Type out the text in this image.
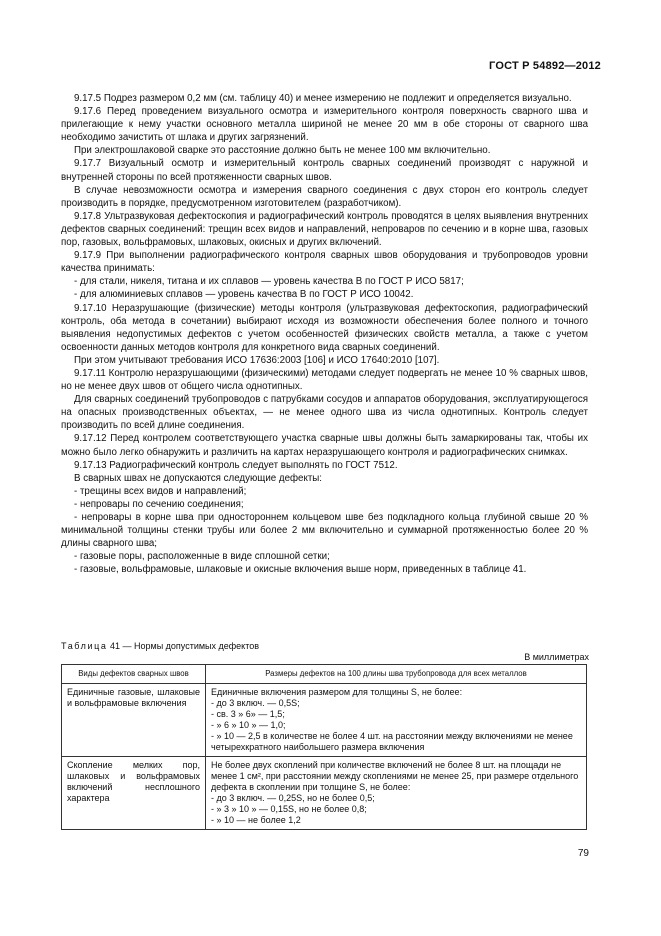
ГОСТ Р 54892—2012

9.17.5 Подрез размером 0,2 мм (см. таблицу 40) и менее измерению не подлежит и определяется визуально.

9.17.6 Перед проведением визуального осмотра и измерительного контроля поверхность сварного шва и прилегающие к нему участки основного металла шириной не менее 20 мм в обе стороны от сварного шва необходимо зачистить от шлака и других загрязнений.

При электрошлаковой сварке это расстояние должно быть не менее 100 мм включительно.

9.17.7 Визуальный осмотр и измерительный контроль сварных соединений производят с наружной и внутренней стороны по всей протяженности сварных швов.

В случае невозможности осмотра и измерения сварного соединения с двух сторон его контроль следует производить в порядке, предусмотренном изготовителем (разработчиком).

9.17.8 Ультразвуковая дефектоскопия и радиографический контроль проводятся в целях выявления внутренних дефектов сварных соединений: трещин всех видов и направлений, непроваров по сечению и в корне шва, газовых пор, газовых, вольфрамовых, шлаковых, окисных и других включений.

9.17.9 При выполнении радиографического контроля сварных швов оборудования и трубопроводов уровни качества принимать:

- для стали, никеля, титана и их сплавов — уровень качества В по ГОСТ Р ИСО 5817;

- для алюминиевых сплавов — уровень качества В по ГОСТ Р ИСО 10042.

9.17.10 Неразрушающие (физические) методы контроля (ультразвуковая дефектоскопия, радиографический контроль, оба метода в сочетании) выбирают исходя из возможности обеспечения более полного и точного выявления недопустимых дефектов с учетом особенностей физических свойств металла, а также с учетом освоенности данных методов контроля для конкретного вида сварных соединений.

При этом учитывают требования ИСО 17636:2003 [106] и ИСО 17640:2010 [107].

9.17.11 Контролю неразрушающими (физическими) методами следует подвергать не менее 10 % сварных швов, но не менее двух швов от общего числа однотипных.

Для сварных соединений трубопроводов с патрубками сосудов и аппаратов оборудования, эксплуатирующегося на опасных производственных объектах, — не менее одного шва из числа однотипных. Контроль следует производить по всей длине соединения.

9.17.12 Перед контролем соответствующего участка сварные швы должны быть замаркированы так, чтобы их можно было легко обнаружить и различить на картах неразрушающего контроля и радиографических снимках.

9.17.13 Радиографический контроль следует выполнять по ГОСТ 7512.

В сварных швах не допускаются следующие дефекты:

- трещины всех видов и направлений;

- непровары по сечению соединения;

- непровары в корне шва при одностороннем кольцевом шве без подкладного кольца глубиной свыше 20 % минимальной толщины стенки трубы или более 2 мм включительно и суммарной протяженностью более 20 % длины сварного шва;

- газовые поры, расположенные в виде сплошной сетки;

- газовые, вольфрамовые, шлаковые и окисные включения выше норм, приведенных в таблице 41.

Таблица 41 — Нормы допустимых дефектов
В миллиметрах
Виды дефектов сварных швов	Размеры дефектов на 100 длины шва трубопровода для всех металлов
Единичные газовые, шлаковые и вольфрамовые включения	Единичные включения размером для толщины S, не более:
- до 3 включ. — 0,5S;
- св. 3 » 6» — 1,5;
- » 6 » 10 » — 1,0;
- » 10 — 2,5 в количестве не более 4 шт. на расстоянии между включениями не менее четырехкратного наибольшего размера включения

Скопление мелких пор, шлаковых и вольфрамовых включений несплошного характера	Не более двух скоплений при количестве включений не более 8 шт. на площади не менее 1 см², при расстоянии между скоплениями не менее 25, при размере отдельного дефекта в скоплении при толщине S, не более:
- до 3 включ. — 0,25S, но не более 0,5;
- » 3 » 10 » — 0,15S, но не более 0,8;
- » 10 — не более 1,2
79
